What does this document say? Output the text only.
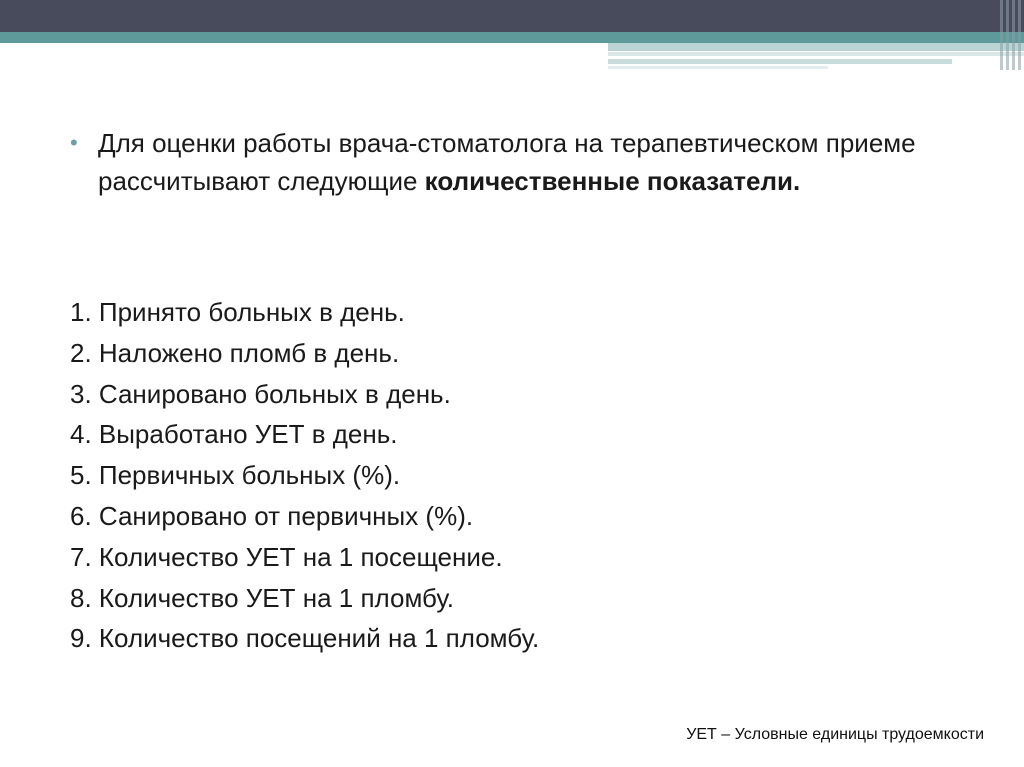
• Для оценки работы врача-стоматолога на терапевтическом приеме рассчитывают следующие количественные показатели.
1. Принято больных в день.
2. Наложено пломб в день.
3. Санировано больных в день.
4. Выработано УЕТ в день.
5. Первичных больных (%).
6. Санировано от первичных (%).
7. Количество УЕТ на 1 посещение.
8. Количество УЕТ на 1 пломбу.
9. Количество посещений на 1 пломбу.
УЕТ – Условные единицы трудоемкости
